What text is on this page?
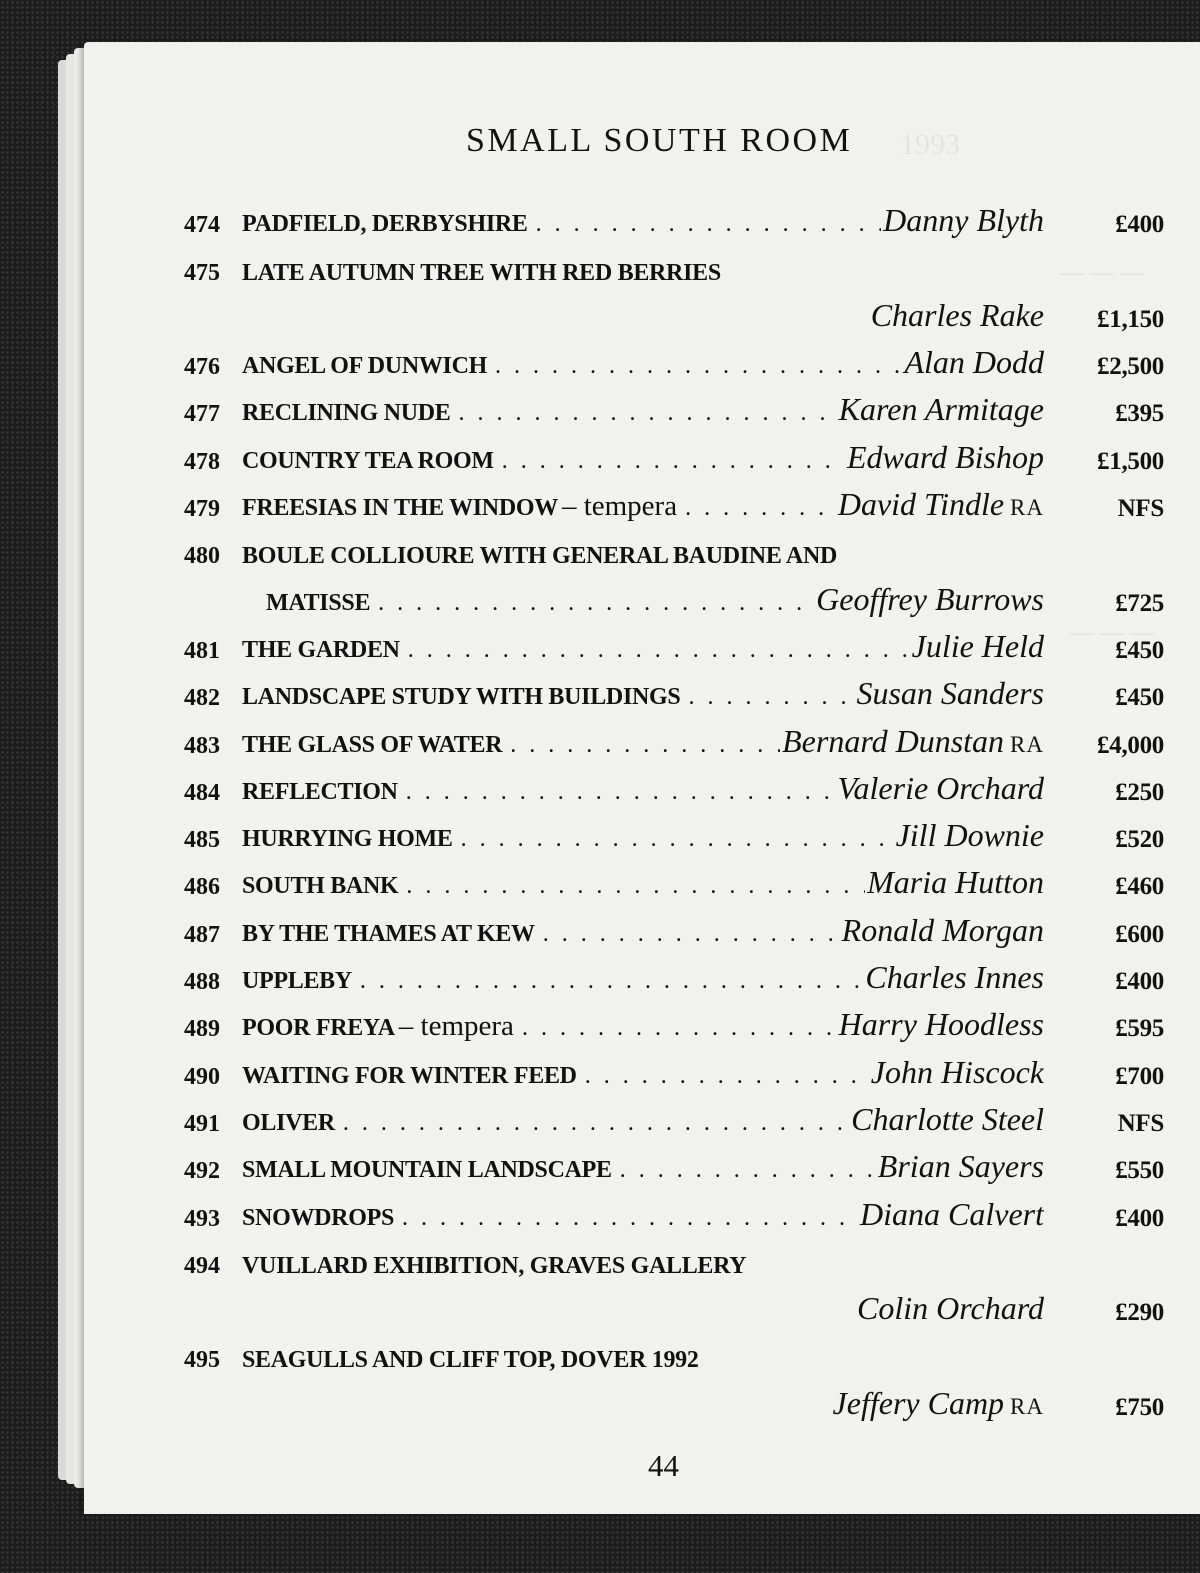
1993
— — —
— — —
SMALL SOUTH ROOM
474 PADFIELD, DERBYSHIRE . . .	Danny Blyth	£400
475 LATE AUTUMN TREE WITH RED BERRIES
Charles Rake	£1,150
476 ANGEL OF DUNWICH . . .	Alan Dodd	£2,500
477 RECLINING NUDE . . .	Karen Armitage	£395
478 COUNTRY TEA ROOM . . .	Edward Bishop	£1,500
479 FREESIAS IN THE WINDOW – tempera . . .	David Tindle RA	NFS
480 BOULE COLLIOURE WITH GENERAL BAUDINE AND
MATISSE . . .	Geoffrey Burrows	£725
481 THE GARDEN . . .	Julie Held	£450
482 LANDSCAPE STUDY WITH BUILDINGS . . .	Susan Sanders	£450
483 THE GLASS OF WATER . . .	Bernard Dunstan RA	£4,000
484 REFLECTION . . .	Valerie Orchard	£250
485 HURRYING HOME . . .	Jill Downie	£520
486 SOUTH BANK . . .	Maria Hutton	£460
487 BY THE THAMES AT KEW . . .	Ronald Morgan	£600
488 UPPLEBY . . .	Charles Innes	£400
489 POOR FREYA – tempera . . .	Harry Hoodless	£595
490 WAITING FOR WINTER FEED . . .	John Hiscock	£700
491 OLIVER . . .	Charlotte Steel	NFS
492 SMALL MOUNTAIN LANDSCAPE . . .	Brian Sayers	£550
493 SNOWDROPS . . .	Diana Calvert	£400
494 VUILLARD EXHIBITION, GRAVES GALLERY
Colin Orchard	£290
495 SEAGULLS AND CLIFF TOP, DOVER 1992
Jeffery Camp RA	£750
44
